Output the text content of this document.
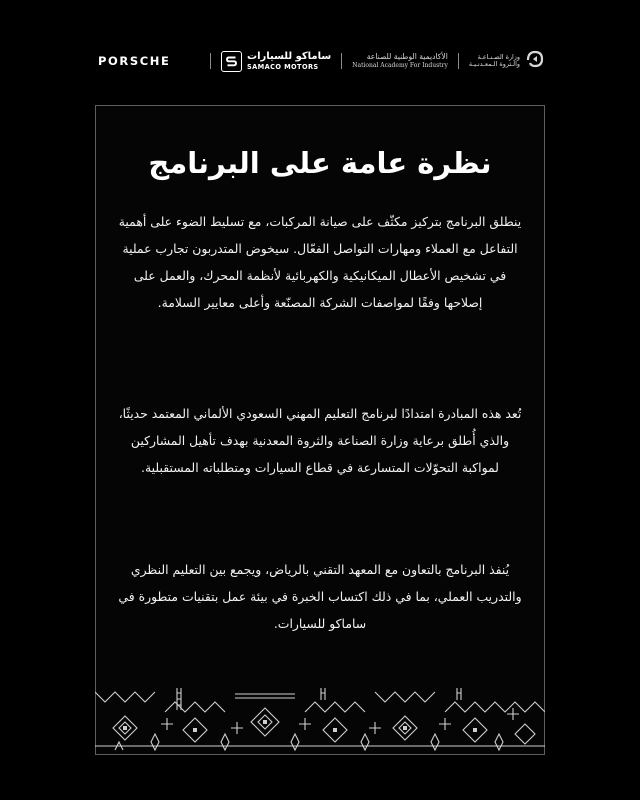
PORSCHE	ساماكو للسيارات
SAMACO MOTORS
الأكاديمية الوطنية للصناعة
National Academy For Industry
وزارة الصـنـاعـة
والـثروة الـمعـدنـيـة
نظرة عامة على البرنامج

ينطلق البرنامج بتركيز مكثّف على صيانة المركبات، مع تسليط الضوء على أهمية التفاعل مع العملاء ومهارات التواصل الفعّال. سيخوض المتدربون تجارب عملية في تشخيص الأعطال الميكانيكية والكهربائية لأنظمة المحرك، والعمل على إصلاحها وفقًا لمواصفات الشركة المصنّعة وأعلى معايير السلامة.

تُعد هذه المبادرة امتدادًا لبرنامج التعليم المهني السعودي الألماني المعتمد حديثًا، والذي أُطلق برعاية وزارة الصناعة والثروة المعدنية بهدف تأهيل المشاركين لمواكبة التحوّلات المتسارعة في قطاع السيارات ومتطلباته المستقبلية.

يُنفذ البرنامج بالتعاون مع المعهد التقني بالرياض، ويجمع بين التعليم النظري والتدريب العملي، بما في ذلك اكتساب الخبرة في بيئة عمل بتقنيات متطورة في ساماكو للسيارات.
